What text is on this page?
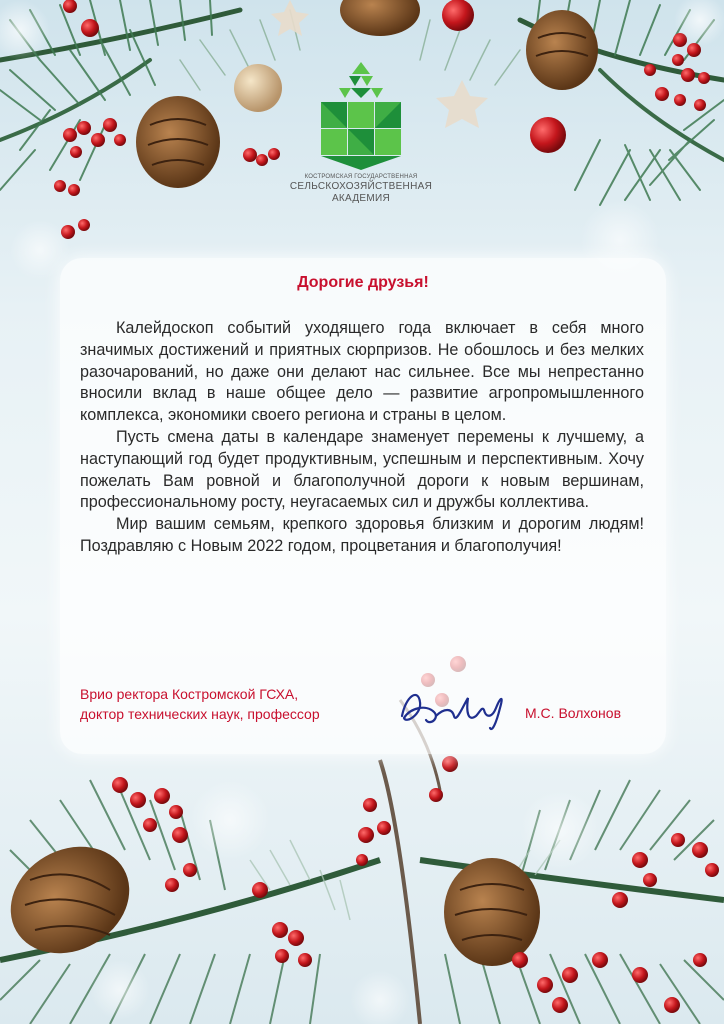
КОСТРОМСКАЯ ГОСУДАРСТВЕННАЯ
СЕЛЬСКОХОЗЯЙСТВЕННАЯ
АКАДЕМИЯ
Дорогие друзья!

Калейдоскоп событий уходящего года включает в себя много значимых достижений и приятных сюрпризов. Не обошлось и без мелких разочарований, но даже они делают нас сильнее. Все мы непрестанно вносили вклад в наше общее дело — развитие агропромышленного комплекса, экономики своего региона и страны в целом.

Пусть смена даты в календаре знаменует перемены к лучшему, а наступающий год будет продуктивным, успешным и перспективным. Хочу пожелать Вам ровной и благополучной дороги к новым вершинам, профессиональному росту, неугасаемых сил и дружбы коллектива.

Мир вашим семьям, крепкого здоровья близким и дорогим людям! Поздравляю с Новым 2022 годом, процветания и благополучия!

Врио ректора Костромской ГСХА,
доктор технических наук, профессор	М.С. Волхонов
